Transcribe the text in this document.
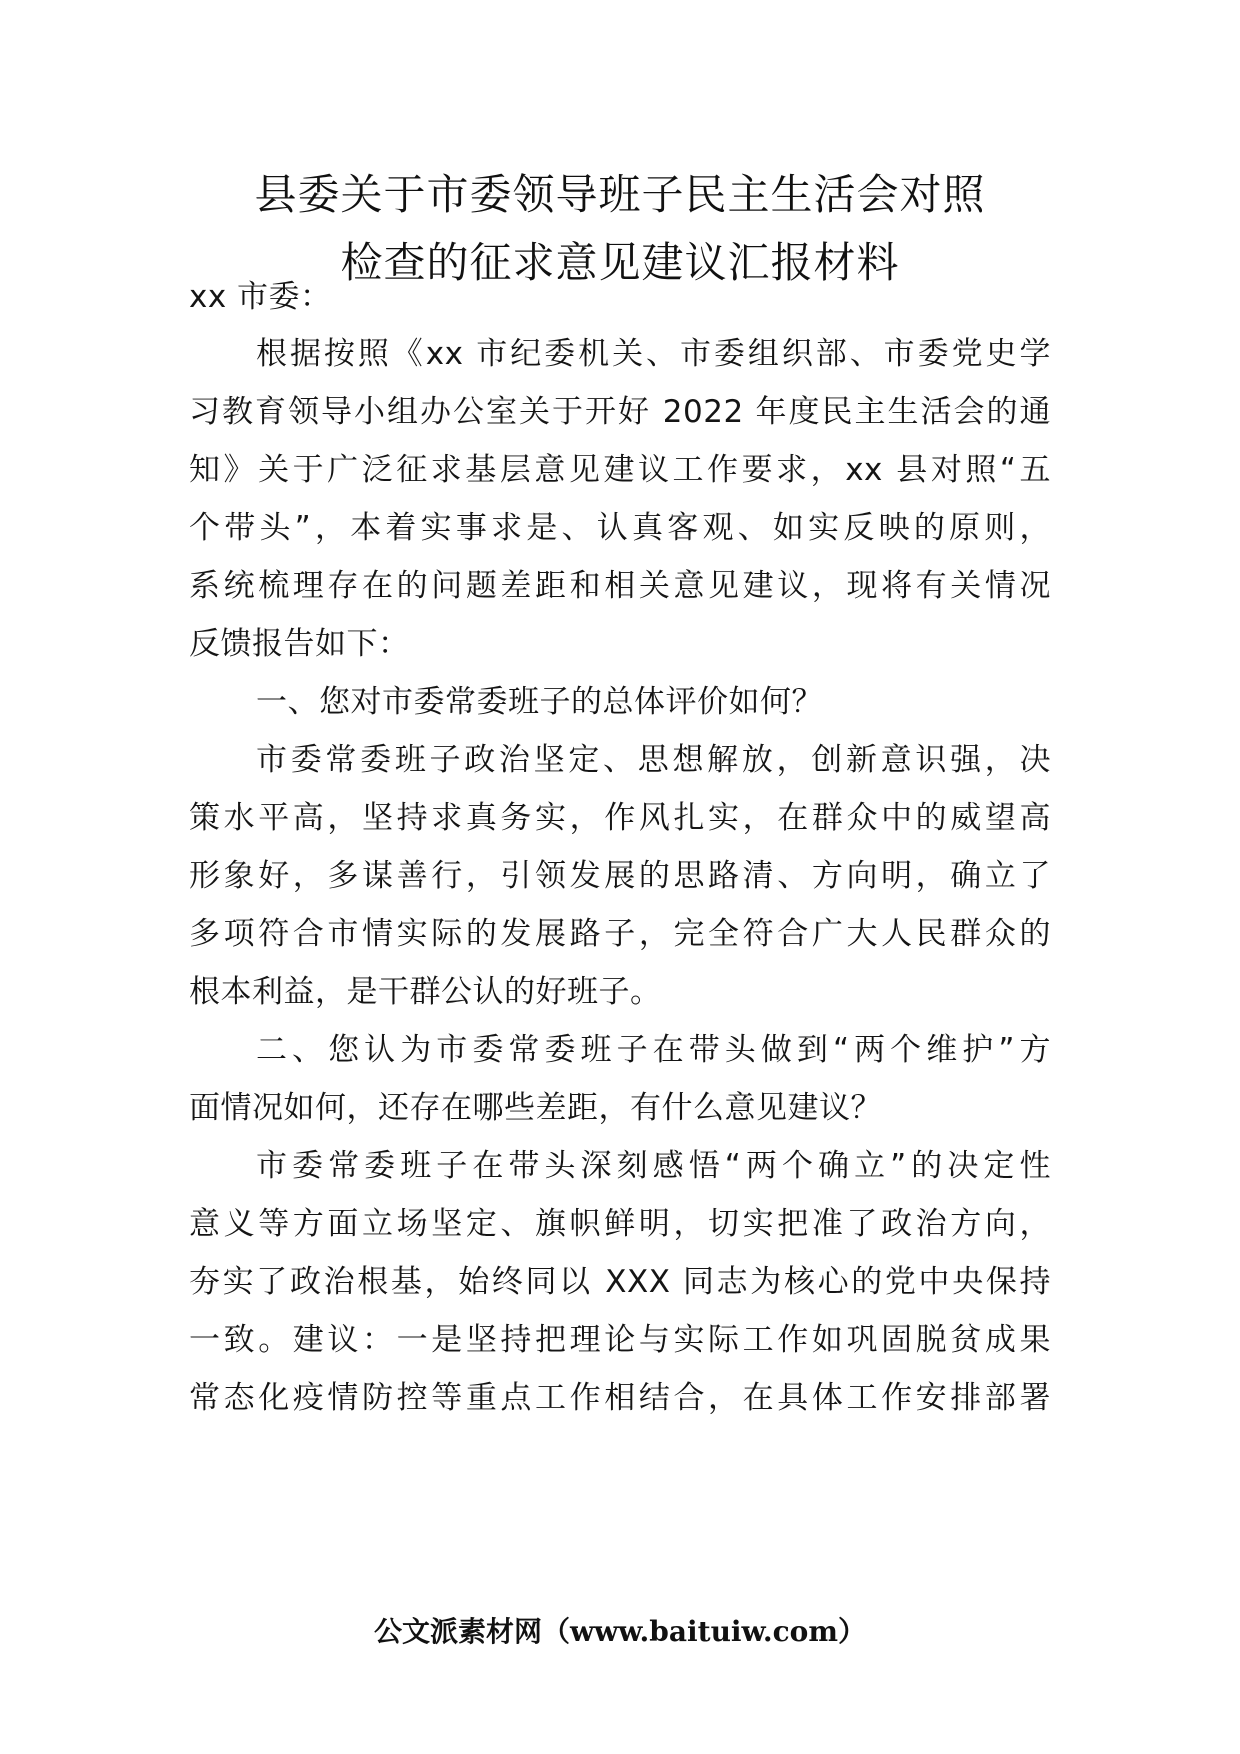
县委关于市委领导班子民主生活会对照
检查的征求意见建议汇报材料
xx 市委：
根据按照《xx 市纪委机关、市委组织部、市委党史学
习教育领导小组办公室关于开好 2022 年度民主生活会的通
知》关于广泛征求基层意见建议工作要求，xx 县对照“五
个带头”，本着实事求是、认真客观、如实反映的原则，
系统梳理存在的问题差距和相关意见建议，现将有关情况
反馈报告如下：
一、您对市委常委班子的总体评价如何？
市委常委班子政治坚定、思想解放，创新意识强，决
策水平高，坚持求真务实，作风扎实，在群众中的威望高
形象好，多谋善行，引领发展的思路清、方向明，确立了
多项符合市情实际的发展路子，完全符合广大人民群众的
根本利益，是干群公认的好班子。
二、您认为市委常委班子在带头做到“两个维护”方
面情况如何，还存在哪些差距，有什么意见建议？
市委常委班子在带头深刻感悟“两个确立”的决定性
意义等方面立场坚定、旗帜鲜明，切实把准了政治方向，
夯实了政治根基，始终同以 XXX 同志为核心的党中央保持
一致。建议：一是坚持把理论与实际工作如巩固脱贫成果
常态化疫情防控等重点工作相结合，在具体工作安排部署
公文派素材网（www.baituiw.com）
